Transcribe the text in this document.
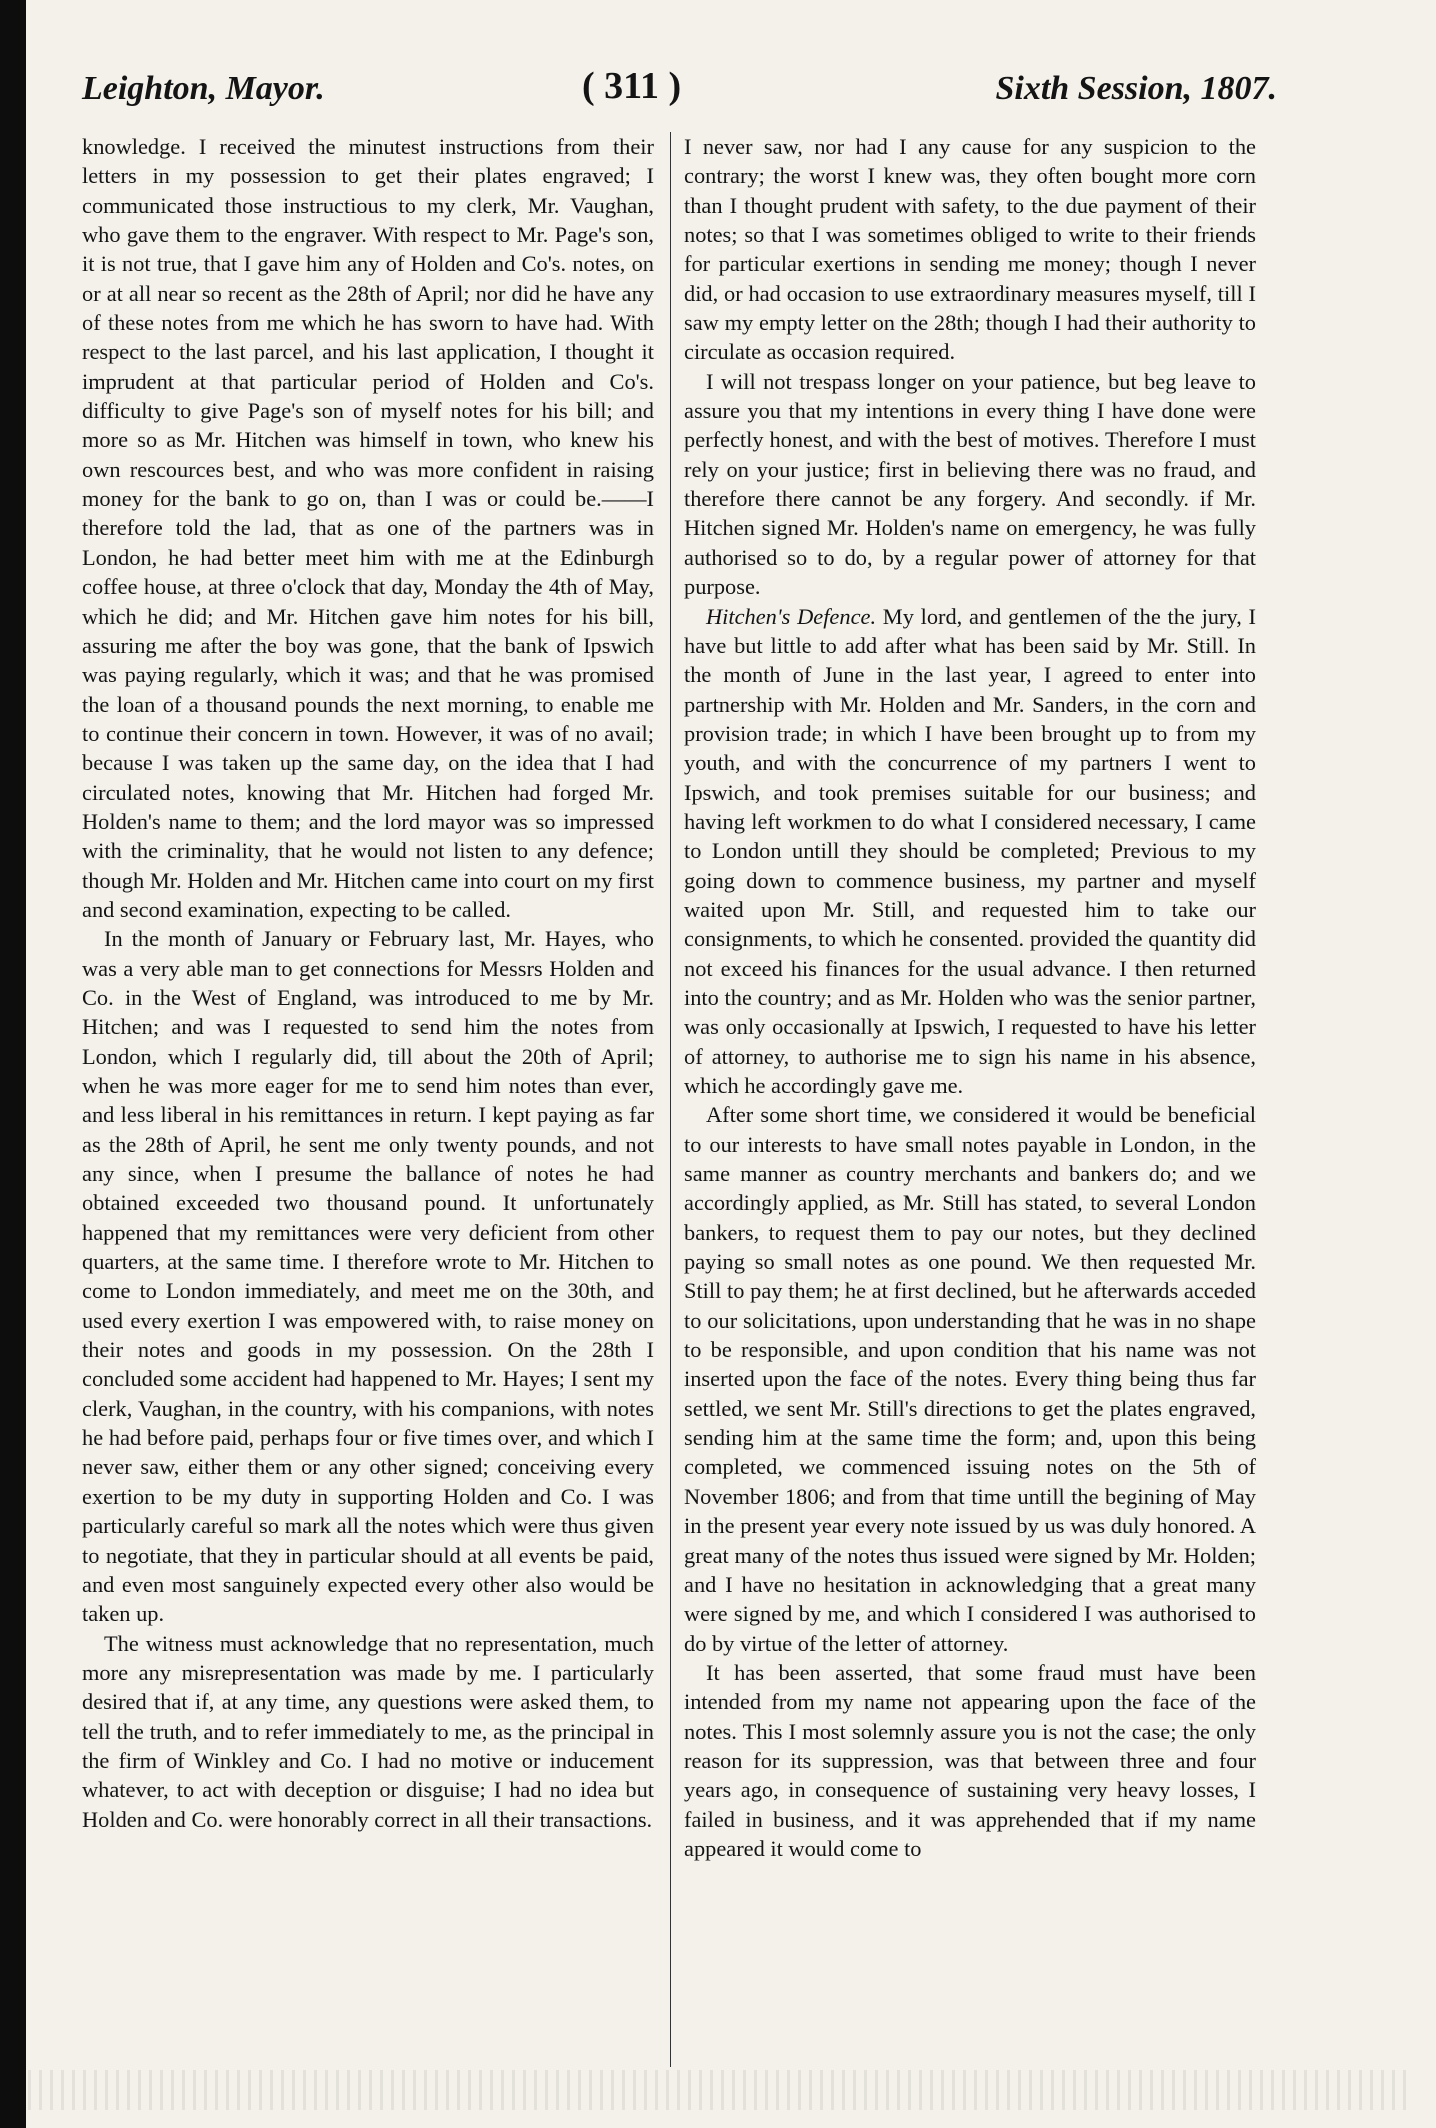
Leighton, Mayor.	( 311 )	Sixth Session, 1807.

knowledge. I received the minutest instructions from their letters in my possession to get their plates engraved; I communicated those instructious to my clerk, Mr. Vaughan, who gave them to the engraver. With respect to Mr. Page's son, it is not true, that I gave him any of Holden and Co's. notes, on or at all near so recent as the 28th of April; nor did he have any of these notes from me which he has sworn to have had. With respect to the last parcel, and his last application, I thought it imprudent at that particular period of Holden and Co's. difficulty to give Page's son of myself notes for his bill; and more so as Mr. Hitchen was himself in town, who knew his own rescources best, and who was more confident in raising money for the bank to go on, than I was or could be.——I therefore told the lad, that as one of the partners was in London, he had better meet him with me at the Edinburgh coffee house, at three o'clock that day, Monday the 4th of May, which he did; and Mr. Hitchen gave him notes for his bill, assuring me after the boy was gone, that the bank of Ipswich was paying regularly, which it was; and that he was promised the loan of a thousand pounds the next morning, to enable me to continue their concern in town. However, it was of no avail; because I was taken up the same day, on the idea that I had circulated notes, knowing that Mr. Hitchen had forged Mr. Holden's name to them; and the lord mayor was so impressed with the criminality, that he would not listen to any defence; though Mr. Holden and Mr. Hitchen came into court on my first and second examination, expecting to be called.

In the month of January or February last, Mr. Hayes, who was a very able man to get connections for Messrs Holden and Co. in the West of England, was introduced to me by Mr. Hitchen; and was I requested to send him the notes from London, which I regularly did, till about the 20th of April; when he was more eager for me to send him notes than ever, and less liberal in his remittances in return. I kept paying as far as the 28th of April, he sent me only twenty pounds, and not any since, when I presume the ballance of notes he had obtained exceeded two thousand pound. It unfortunately happened that my remittances were very deficient from other quarters, at the same time. I therefore wrote to Mr. Hitchen to come to London immediately, and meet me on the 30th, and used every exertion I was empowered with, to raise money on their notes and goods in my possession. On the 28th I concluded some accident had happened to Mr. Hayes; I sent my clerk, Vaughan, in the country, with his companions, with notes he had before paid, perhaps four or five times over, and which I never saw, either them or any other signed; conceiving every exertion to be my duty in supporting Holden and Co. I was particularly careful so mark all the notes which were thus given to negotiate, that they in particular should at all events be paid, and even most sanguinely expected every other also would be taken up.

The witness must acknowledge that no representation, much more any misrepresentation was made by me. I particularly desired that if, at any time, any questions were asked them, to tell the truth, and to refer immediately to me, as the principal in the firm of Winkley and Co. I had no motive or inducement whatever, to act with deception or disguise; I had no idea but Holden and Co. were honorably correct in all their transactions.

I never saw, nor had I any cause for any suspicion to the contrary; the worst I knew was, they often bought more corn than I thought prudent with safety, to the due payment of their notes; so that I was sometimes obliged to write to their friends for particular exertions in sending me money; though I never did, or had occasion to use extraordinary measures myself, till I saw my empty letter on the 28th; though I had their authority to circulate as occasion required.

I will not trespass longer on your patience, but beg leave to assure you that my intentions in every thing I have done were perfectly honest, and with the best of motives. Therefore I must rely on your justice; first in believing there was no fraud, and therefore there cannot be any forgery. And secondly. if Mr. Hitchen signed Mr. Holden's name on emergency, he was fully authorised so to do, by a regular power of attorney for that purpose.

Hitchen's Defence. My lord, and gentlemen of the the jury, I have but little to add after what has been said by Mr. Still. In the month of June in the last year, I agreed to enter into partnership with Mr. Holden and Mr. Sanders, in the corn and provision trade; in which I have been brought up to from my youth, and with the concurrence of my partners I went to Ipswich, and took premises suitable for our business; and having left workmen to do what I considered necessary, I came to London untill they should be completed; Previous to my going down to commence business, my partner and myself waited upon Mr. Still, and requested him to take our consignments, to which he consented. provided the quantity did not exceed his finances for the usual advance. I then returned into the country; and as Mr. Holden who was the senior partner, was only occasionally at Ipswich, I requested to have his letter of attorney, to authorise me to sign his name in his absence, which he accordingly gave me.

After some short time, we considered it would be beneficial to our interests to have small notes payable in London, in the same manner as country merchants and bankers do; and we accordingly applied, as Mr. Still has stated, to several London bankers, to request them to pay our notes, but they declined paying so small notes as one pound. We then requested Mr. Still to pay them; he at first declined, but he afterwards acceded to our solicitations, upon understanding that he was in no shape to be responsible, and upon condition that his name was not inserted upon the face of the notes. Every thing being thus far settled, we sent Mr. Still's directions to get the plates engraved, sending him at the same time the form; and, upon this being completed, we commenced issuing notes on the 5th of November 1806; and from that time untill the begining of May in the present year every note issued by us was duly honored. A great many of the notes thus issued were signed by Mr. Holden; and I have no hesitation in acknowledging that a great many were signed by me, and which I considered I was authorised to do by virtue of the letter of attorney.

It has been asserted, that some fraud must have been intended from my name not appearing upon the face of the notes. This I most solemnly assure you is not the case; the only reason for its suppression, was that between three and four years ago, in consequence of sustaining very heavy losses, I failed in business, and it was apprehended that if my name appeared it would come to
